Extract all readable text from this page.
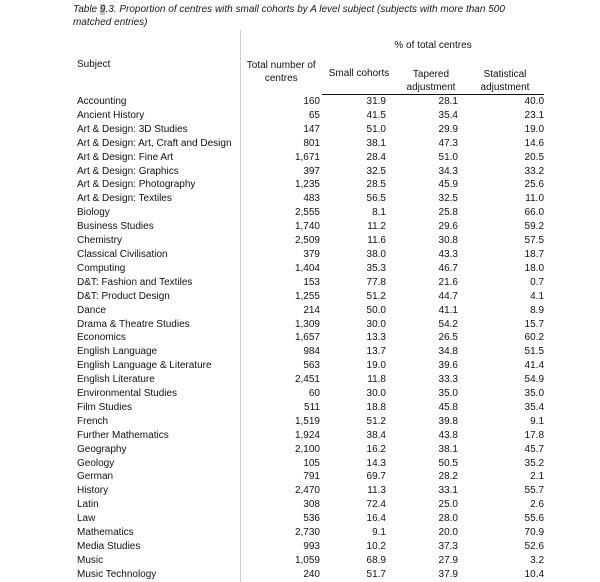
Table 9.3. Proportion of centres with small cohorts by A level subject (subjects with more than 500 matched entries)
Subject	Total number of centres	% of total centres		
		Small cohorts	Tapered adjustment	Statistical adjustment
Accounting	160	31.9	28.1	40.0
Ancient History	65	41.5	35.4	23.1
Art & Design: 3D Studies	147	51.0	29.9	19.0
Art & Design: Art, Craft and Design	801	38.1	47.3	14.6
Art & Design: Fine Art	1,671	28.4	51.0	20.5
Art & Design: Graphics	397	32.5	34.3	33.2
Art & Design: Photography	1,235	28.5	45.9	25.6
Art & Design: Textiles	483	56.5	32.5	11.0
Biology	2,555	8.1	25.8	66.0
Business Studies	1,740	11.2	29.6	59.2
Chemistry	2,509	11.6	30.8	57.5
Classical Civilisation	379	38.0	43.3	18.7
Computing	1,404	35.3	46.7	18.0
D&T: Fashion and Textiles	153	77.8	21.6	0.7
D&T: Product Design	1,255	51.2	44.7	4.1
Dance	214	50.0	41.1	8.9
Drama & Theatre Studies	1,309	30.0	54.2	15.7
Economics	1,657	13.3	26.5	60.2
English Language	984	13.7	34.8	51.5
English Language & Literature	563	19.0	39.6	41.4
English Literature	2,451	11.8	33.3	54.9
Environmental Studies	60	30.0	35.0	35.0
Film Studies	511	18.8	45.8	35.4
French	1,519	51.2	39.8	9.1
Further Mathematics	1,924	38.4	43.8	17.8
Geography	2,100	16.2	38.1	45.7
Geology	105	14.3	50.5	35.2
German	791	69.7	28.2	2.1
History	2,470	11.3	33.1	55.7
Latin	308	72.4	25.0	2.6
Law	536	16.4	28.0	55.6
Mathematics	2,730	9.1	20.0	70.9
Media Studies	993	10.2	37.3	52.6
Music	1,059	68.9	27.9	3.2
Music Technology	240	51.7	37.9	10.4
